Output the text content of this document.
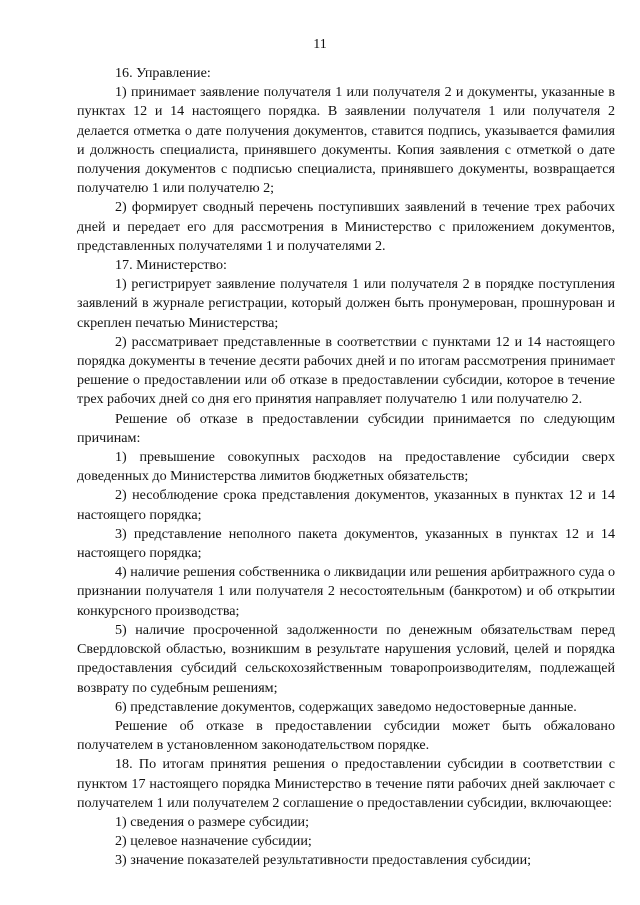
11

16. Управление:

1) принимает заявление получателя 1 или получателя 2 и документы, указанные в пунктах 12 и 14 настоящего порядка. В заявлении получателя 1 или получателя 2 делается отметка о дате получения документов, ставится подпись, указывается фамилия и должность специалиста, принявшего документы. Копия заявления с отметкой о дате получения документов с подписью специалиста, принявшего документы, возвращается получателю 1 или получателю 2;

2) формирует сводный перечень поступивших заявлений в течение трех рабочих дней и передает его для рассмотрения в Министерство с приложением документов, представленных получателями 1 и получателями 2.

17. Министерство:

1) регистрирует заявление получателя 1 или получателя 2 в порядке поступления заявлений в журнале регистрации, который должен быть пронумерован, прошнурован и скреплен печатью Министерства;

2) рассматривает представленные в соответствии с пунктами 12 и 14 настоящего порядка документы в течение десяти рабочих дней и по итогам рассмотрения принимает решение о предоставлении или об отказе в предоставлении субсидии, которое в течение трех рабочих дней со дня его принятия направляет получателю 1 или получателю 2.

Решение об отказе в предоставлении субсидии принимается по следующим причинам:

1) превышение совокупных расходов на предоставление субсидии сверх доведенных до Министерства лимитов бюджетных обязательств;

2) несоблюдение срока представления документов, указанных в пунктах 12 и 14 настоящего порядка;

3) представление неполного пакета документов, указанных в пунктах 12 и 14 настоящего порядка;

4) наличие решения собственника о ликвидации или решения арбитражного суда о признании получателя 1 или получателя 2 несостоятельным (банкротом) и об открытии конкурсного производства;

5) наличие просроченной задолженности по денежным обязательствам перед Свердловской областью, возникшим в результате нарушения условий, целей и порядка предоставления субсидий сельскохозяйственным товаропроизводителям, подлежащей возврату по судебным решениям;

6) представление документов, содержащих заведомо недостоверные данные.

Решение об отказе в предоставлении субсидии может быть обжаловано получателем в установленном законодательством порядке.

18. По итогам принятия решения о предоставлении субсидии в соответствии с пунктом 17 настоящего порядка Министерство в течение пяти рабочих дней заключает с получателем 1 или получателем 2 соглашение о предоставлении субсидии, включающее:

1) сведения о размере субсидии;

2) целевое назначение субсидии;

3) значение показателей результативности предоставления субсидии;
